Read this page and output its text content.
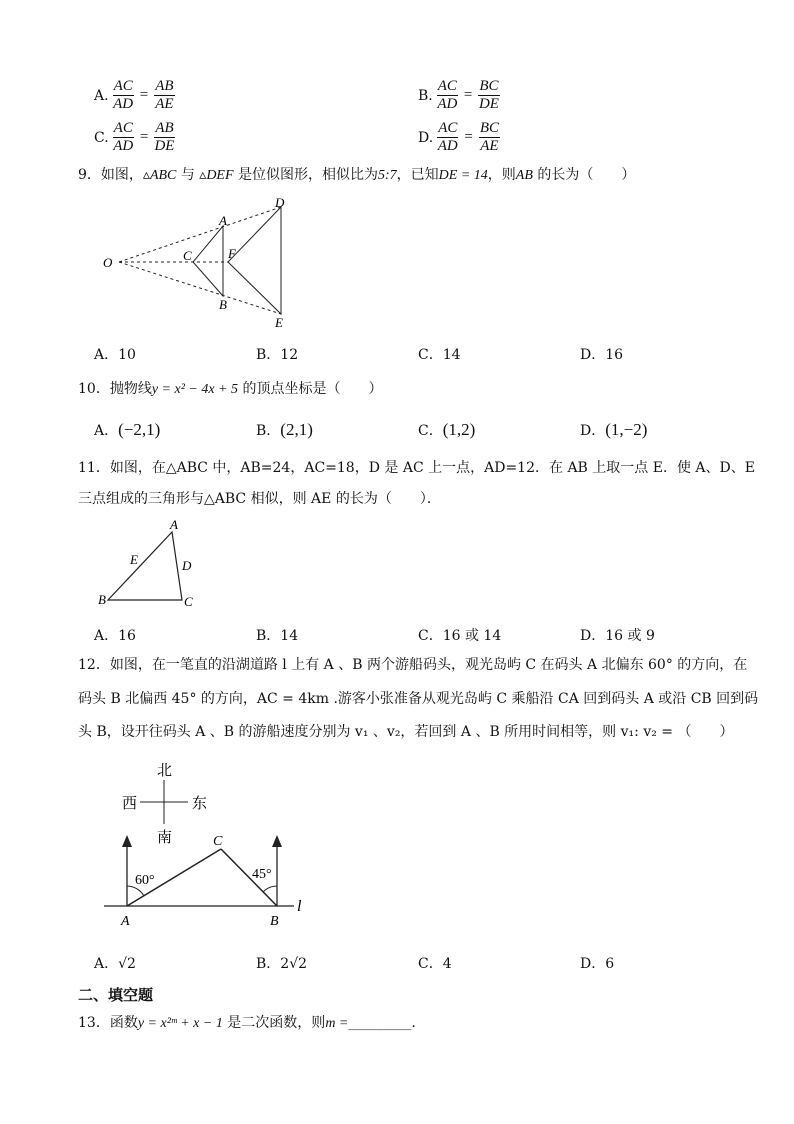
A. $\frac{AC}{AD} = \frac{AB}{AE}$	B. $\frac{AC}{AD} = \frac{BC}{DE}$
C. $\frac{AC}{AD} = \frac{AB}{DE}$	D. $\frac{AC}{AD} = \frac{BC}{AE}$
9．如图，▵ABC 与 ▵DEF 是位似图形，相似比为5:7，已知DE = 14，则AB 的长为（　　）
O
A
B
C
D
E
F
A．10	B．12	C．14	D．16
10．抛物线y = x² − 4x + 5 的顶点坐标是（　　）
A．(−2,1)	B．(2,1)	C．(1,2)	D．(1,−2)
11．如图，在△ABC 中，AB=24，AC=18，D 是 AC 上一点，AD=12．在 AB 上取一点 E．使 A、D、E
三点组成的三角形与△ABC 相似，则 AE 的长为（　　）．
A
B	C
D
E
A．16	B．14	C．16 或 14	D．16 或 9
12．如图，在一笔直的沿湖道路 l 上有 A 、B 两个游船码头，观光岛屿 C 在码头 A 北偏东 60° 的方向，在
码头 B 北偏西 45° 的方向，AC = 4km .游客小张准备从观光岛屿 C 乘船沿 CA 回到码头 A 或沿 CB 回到码
头 B，设开往码头 A 、B 的游船速度分别为 v₁ 、v₂，若回到 A 、B 所用时间相等，则 v₁: v₂ = （　　）
北
南
西	东
60°	45°
C
A	B
l
A．√2	B．2√2	C．4	D．6
二、填空题
13．函数y = x²ᵐ + x − 1 是二次函数，则m =_________.
